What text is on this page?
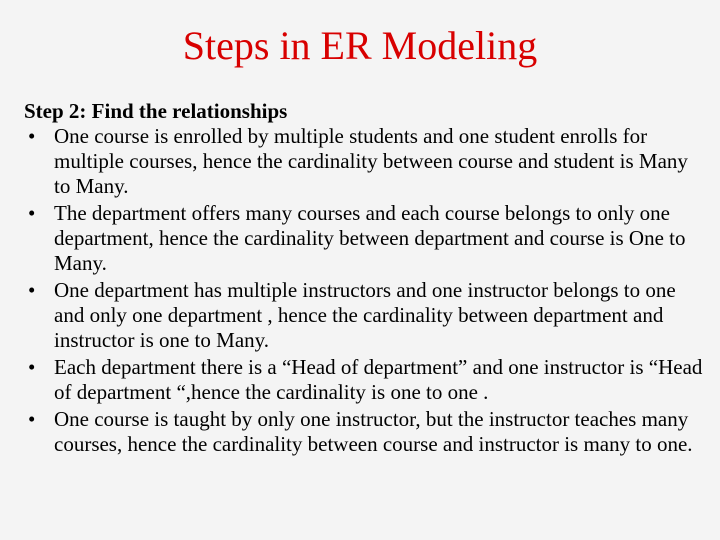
Steps in ER Modeling
Step 2: Find the relationships
• One course is enrolled by multiple students and one student enrolls for multiple courses, hence the cardinality between course and student is Many to Many.
• The department offers many courses and each course belongs to only one department, hence the cardinality between department and course is One to Many.
• One department has multiple instructors and one instructor belongs to one and only one department , hence the cardinality between department and instructor is one to Many.
• Each department there is a “Head of department” and one instructor is “Head of department “,hence the cardinality is one to one .
• One course is taught by only one instructor, but the instructor teaches many courses, hence the cardinality between course and instructor is many to one.
